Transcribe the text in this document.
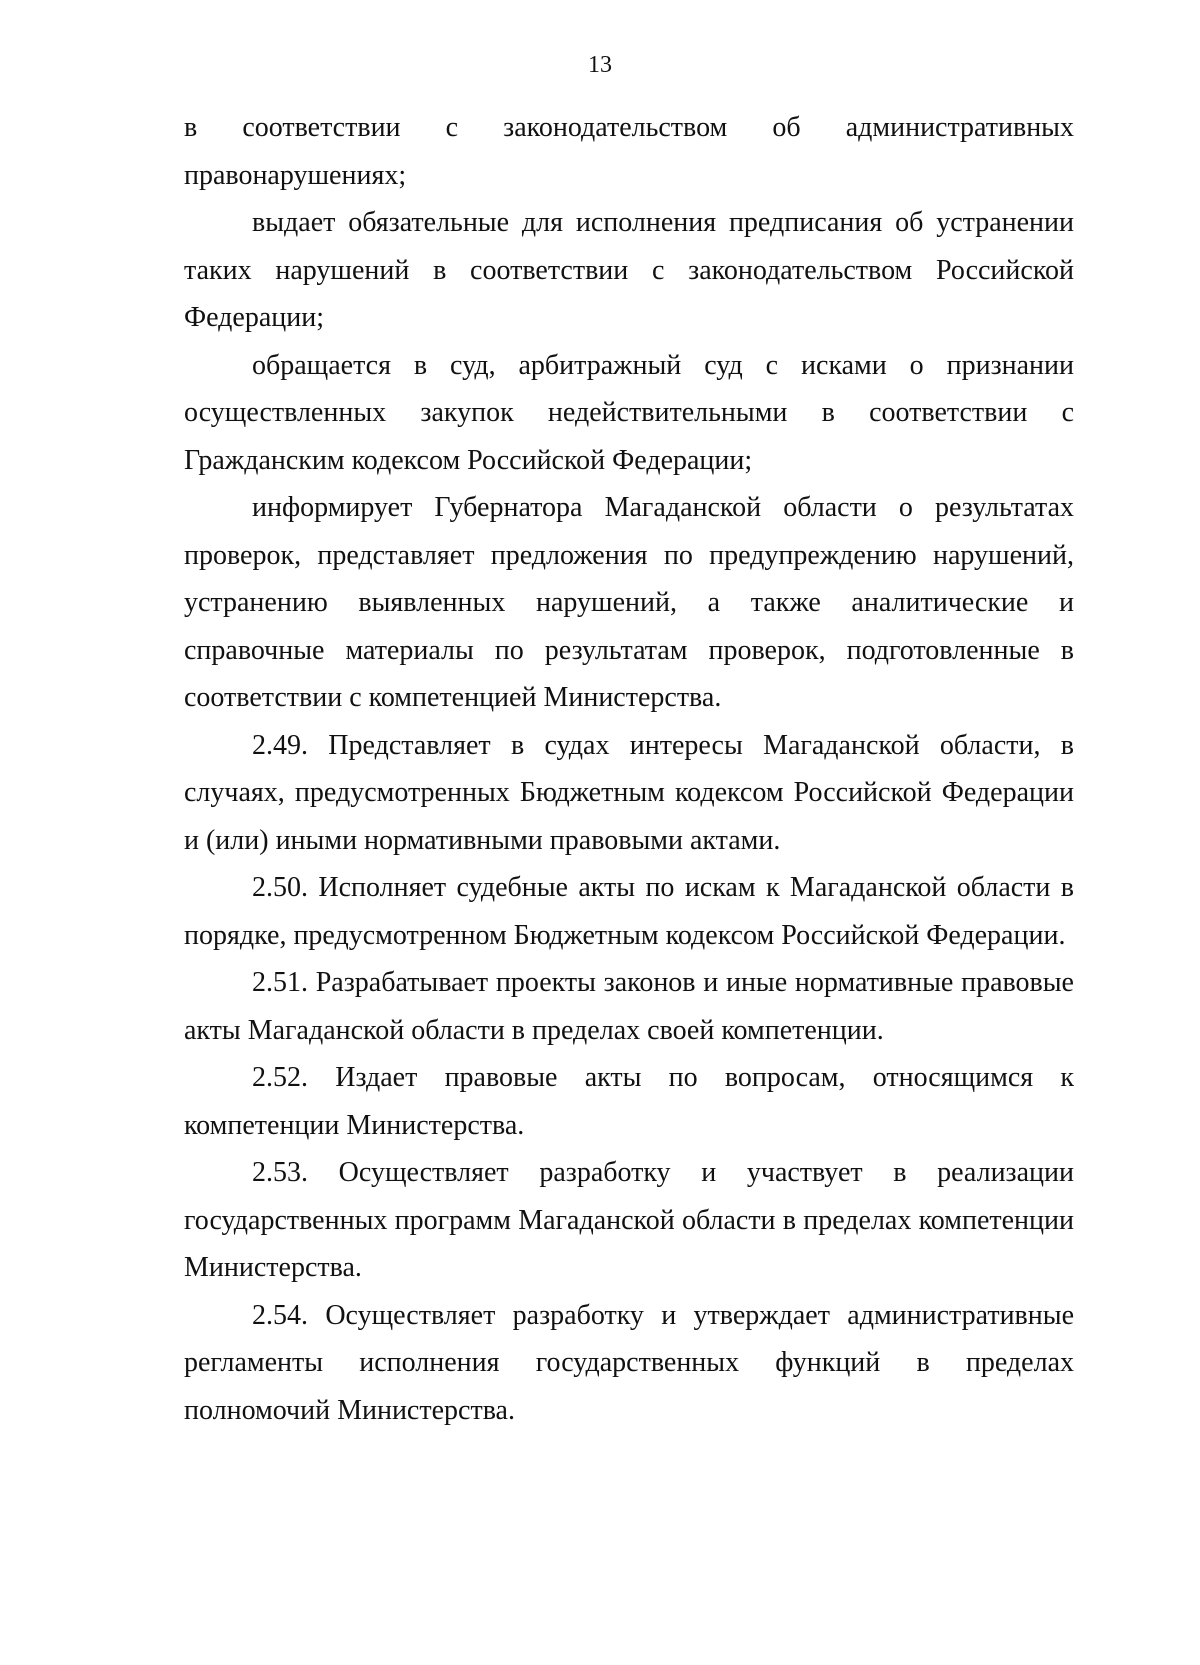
13

в соответствии с законодательством об административных правонарушениях;

выдает обязательные для исполнения предписания об устранении таких нарушений в соответствии с законодательством Российской Федерации;

обращается в суд, арбитражный суд с исками о признании осуществленных закупок недействительными в соответствии с Гражданским кодексом Российской Федерации;

информирует Губернатора Магаданской области о результатах проверок, представляет предложения по предупреждению нарушений, устранению выявленных нарушений, а также аналитические и справочные материалы по результатам проверок, подготовленные в соответствии с компетенцией Министерства.

2.49. Представляет в судах интересы Магаданской области, в случаях, предусмотренных Бюджетным кодексом Российской Федерации и (или) иными нормативными правовыми актами.

2.50. Исполняет судебные акты по искам к Магаданской области в порядке, предусмотренном Бюджетным кодексом Российской Федерации.

2.51. Разрабатывает проекты законов и иные нормативные правовые акты Магаданской области в пределах своей компетенции.

2.52. Издает правовые акты по вопросам, относящимся к компетенции Министерства.

2.53. Осуществляет разработку и участвует в реализации государственных программ Магаданской области в пределах компетенции Министерства.

2.54. Осуществляет разработку и утверждает административные регламенты исполнения государственных функций в пределах полномочий Министерства.
